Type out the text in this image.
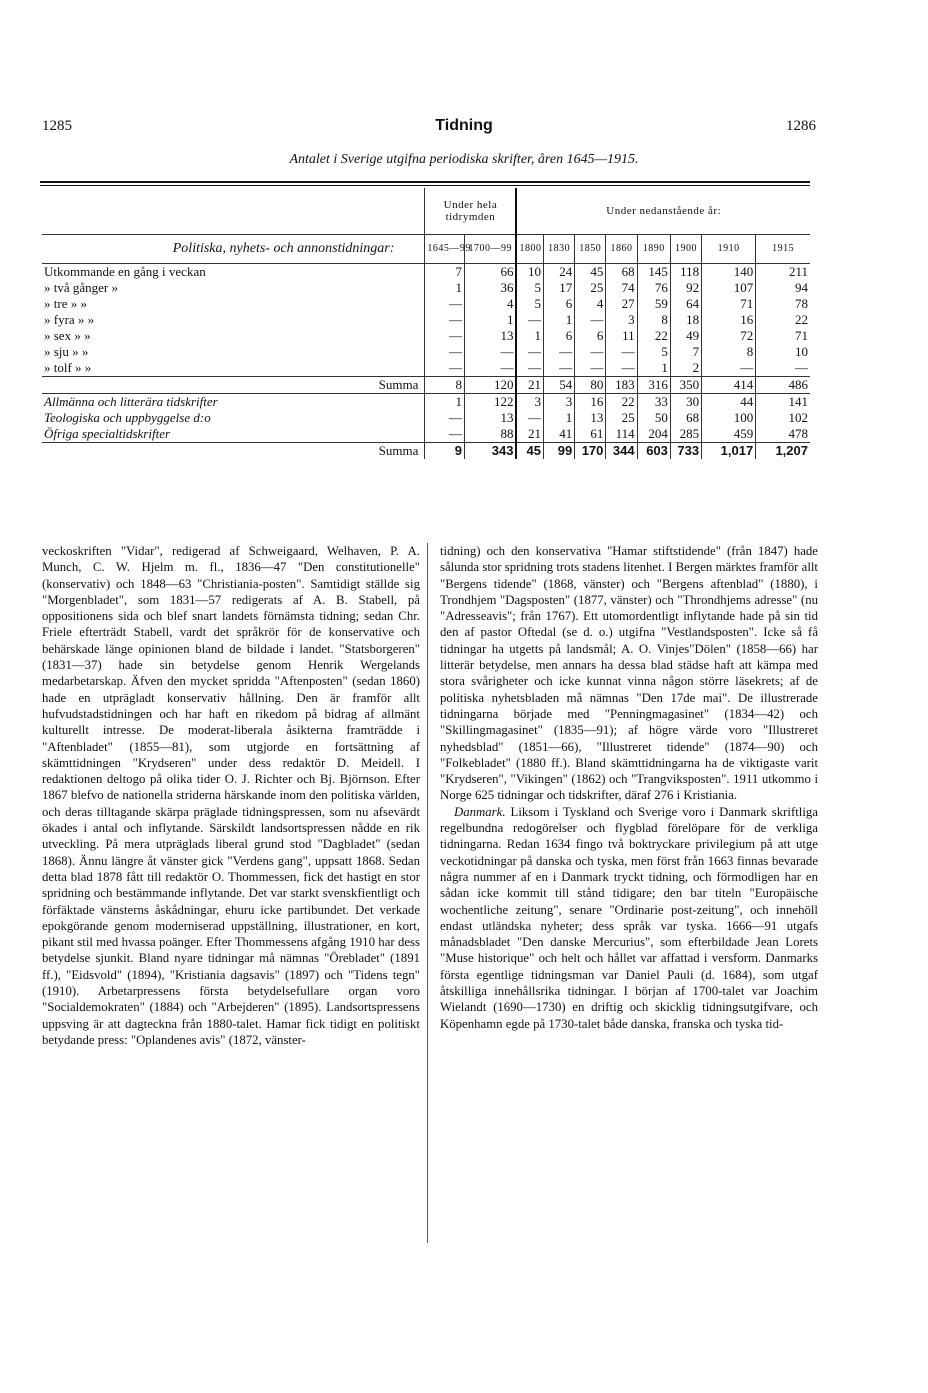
1285	Tidning	1286
Antalet i Sverige utgifna periodiska skrifter, åren 1645—1915.
	Under hela tidrymden		Under nedanstående år:							
Politiska, nyhets- och annonstidningar:	1645—99	1700—99	1800	1830	1850	1860	1890	1900	1910	1915
Utkommande en gång i veckan	7	66	10	24	45	68	145	118	140	211
» två gånger »	1	36	5	17	25	74	76	92	107	94
» tre » »	—	4	5	6	4	27	59	64	71	78
» fyra » »	—	1	—	1	—	3	8	18	16	22
» sex » »	—	13	1	6	6	11	22	49	72	71
» sju » »	—	—	—	—	—	—	5	7	8	10
» tolf » »	—	—	—	—	—	—	1	2	—	—
Summa	8	120	21	54	80	183	316	350	414	486
Allmänna och litterära tidskrifter	1	122	3	3	16	22	33	30	44	141
Teologiska och uppbyggelse d:o	—	13	—	1	13	25	50	68	100	102
Öfriga specialtidskrifter	—	88	21	41	61	114	204	285	459	478
Summa	9	343	45	99	170	344	603	733	1,017	1,207

veckoskriften "Vidar", redigerad af Schweigaard, Welhaven, P. A. Munch, C. W. Hjelm m. fl., 1836—47 "Den constitutionelle" (konservativ) och 1848—63 "Christiania-posten". Samtidigt ställde sig "Morgenbladet", som 1831—57 redigerats af A. B. Stabell, på oppositionens sida och blef snart landets förnämsta tidning; sedan Chr. Friele efterträdt Stabell, vardt det språkrör för de konservative och behärskade länge opinionen bland de bildade i landet. "Statsborgeren" (1831—37) hade sin betydelse genom Henrik Wergelands medarbetarskap. Äfven den mycket spridda "Aftenposten" (sedan 1860) hade en utprägladt konservativ hållning. Den är framför allt hufvudstadstidningen och har haft en rikedom på bidrag af allmänt kulturellt intresse. De moderat-liberala åsikterna framträdde i "Aftenbladet" (1855—81), som utgjorde en fortsättning af skämttidningen "Krydseren" under dess redaktör D. Meidell. I redaktionen deltogo på olika tider O. J. Richter och Bj. Björnson. Efter 1867 blefvo de nationella striderna härskande inom den politiska världen, och deras tilltagande skärpa präglade tidningspressen, som nu afsevärdt ökades i antal och inflytande. Särskildt landsortspressen nådde en rik utveckling. På mera utpräglads liberal grund stod "Dagbladet" (sedan 1868). Ännu längre åt vänster gick "Verdens gang", uppsatt 1868. Sedan detta blad 1878 fått till redaktör O. Thommessen, fick det hastigt en stor spridning och bestämmande inflytande. Det var starkt svenskfientligt och förfäktade vänsterns åskådningar, ehuru icke partibundet. Det verkade epokgörande genom moderniserad uppställning, illustrationer, en kort, pikant stil med hvassa poänger. Efter Thommessens afgång 1910 har dess betydelse sjunkit. Bland nyare tidningar må nämnas "Örebladet" (1891 ff.), "Eidsvold" (1894), "Kristiania dagsavis" (1897) och "Tidens tegn" (1910). Arbetarpressens första betydelsefullare organ voro "Socialdemokraten" (1884) och "Arbejderen" (1895). Landsortspressens uppsving är att dagteckna från 1880-talet. Hamar fick tidigt en politiskt betydande press: "Oplandenes avis" (1872, vänster-

tidning) och den konservativa "Hamar stiftstidende" (från 1847) hade sålunda stor spridning trots stadens litenhet. I Bergen märktes framför allt "Bergens tidende" (1868, vänster) och "Bergens aftenblad" (1880), i Trondhjem "Dagsposten" (1877, vänster) och "Throndhjems adresse" (nu "Adresseavis"; från 1767). Ett utomordentligt inflytande hade på sin tid den af pastor Oftedal (se d. o.) utgifna "Vestlandsposten". Icke så få tidningar ha utgetts på landsmål; A. O. Vinjes"Dölen" (1858—66) har litterär betydelse, men annars ha dessa blad städse haft att kämpa med stora svårigheter och icke kunnat vinna någon större läsekrets; af de politiska nyhetsbladen må nämnas "Den 17de mai". De illustrerade tidningarna började med "Penningmagasinet" (1834—42) och "Skillingmagasinet" (1835—91); af högre värde voro "Illustreret nyhedsblad" (1851—66), "Illustreret tidende" (1874—90) och "Folkebladet" (1880 ff.). Bland skämttidningarna ha de viktigaste varit "Krydseren", "Vikingen" (1862) och "Trangviksposten". 1911 utkommo i Norge 625 tidningar och tidskrifter, däraf 276 i Kristiania.

Danmark. Liksom i Tyskland och Sverige voro i Danmark skriftliga regelbundna redogörelser och flygblad förelöpare för de verkliga tidningarna. Redan 1634 fingo två boktryckare privilegium på att utge veckotidningar på danska och tyska, men först från 1663 finnas bevarade några nummer af en i Danmark tryckt tidning, och förmodligen har en sådan icke kommit till stånd tidigare; den bar titeln "Europäische wochentliche zeitung", senare "Ordinarie post-zeitung", och innehöll endast utländska nyheter; dess språk var tyska. 1666—91 utgafs månadsbladet "Den danske Mercurius", som efterbildade Jean Lorets "Muse historique" och helt och hållet var affattad i versform. Danmarks första egentlige tidningsman var Daniel Pauli (d. 1684), som utgaf åtskilliga innehållsrika tidningar. I början af 1700-talet var Joachim Wielandt (1690—1730) en driftig och skicklig tidningsutgifvare, och Köpenhamn egde på 1730-talet både danska, franska och tyska tid-
